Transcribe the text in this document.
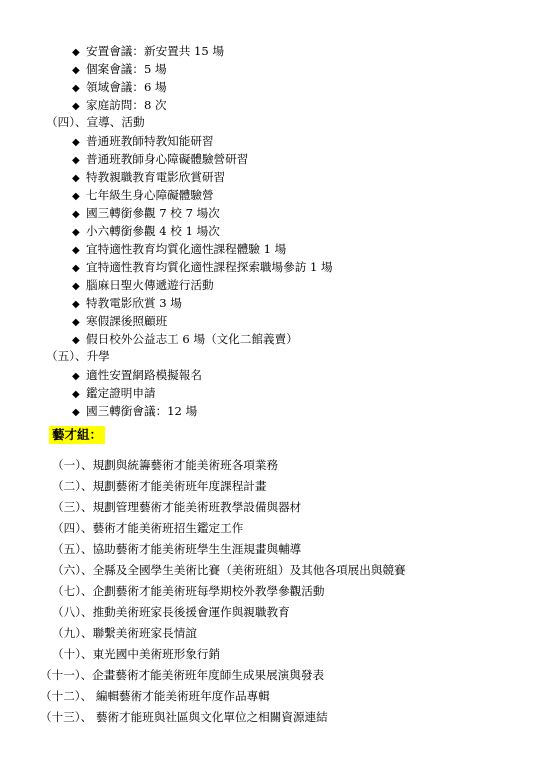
◆ 安置會議：新安置共 15 場
◆ 個案會議：5 場
◆ 領域會議：6 場
◆ 家庭訪問：8 次
（四）、宣導、活動
◆ 普通班教師特教知能研習
◆ 普通班教師身心障礙體驗營研習
◆ 特教親職教育電影欣賞研習
◆ 七年級生身心障礙體驗營
◆ 國三轉銜參觀 7 校 7 場次
◆ 小六轉銜參觀 4 校 1 場次
◆ 宜特適性教育均質化適性課程體驗 1 場
◆ 宜特適性教育均質化適性課程探索職場參訪 1 場
◆ 腦麻日聖火傳遞遊行活動
◆ 特教電影欣賞 3 場
◆ 寒假課後照顧班
◆ 假日校外公益志工 6 場（文化二館義賣）
（五）、升學
◆ 適性安置網路模擬報名
◆ 鑑定證明申請
◆ 國三轉銜會議：12 場
藝才組：
（一）、規劃與統籌藝術才能美術班各項業務
（二）、規劃藝術才能美術班年度課程計畫
（三）、規劃管理藝術才能美術班教學設備與器材
（四）、藝術才能美術班招生鑑定工作
（五）、協助藝術才能美術班學生生涯規畫與輔導
（六）、全縣及全國學生美術比賽（美術班組）及其他各項展出與競賽
（七）、企劃藝術才能美術班每學期校外教學參觀活動
（八）、推動美術班家長後援會運作與親職教育
（九）、聯繫美術班家長情誼
（十）、東光國中美術班形象行銷
（十一）、企畫藝術才能美術班年度師生成果展演與發表
（十二）、 編輯藝術才能美術班年度作品專輯
（十三）、 藝術才能班與社區與文化單位之相關資源連結
